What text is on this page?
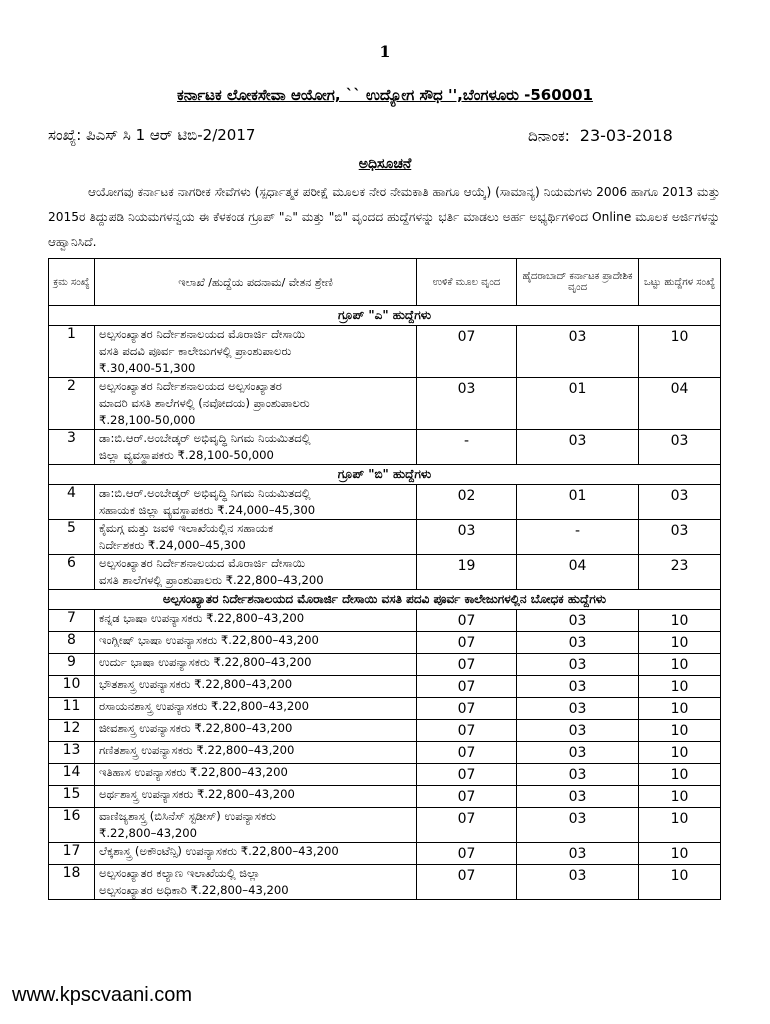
1
ಕರ್ನಾಟಕ ಲೋಕಸೇವಾ ಆಯೋಗ, `` ಉದ್ಯೋಗ ಸೌಧ '',ಬೆಂಗಳೂರು -560001
ಸಂಖ್ಯೆ: ಪಿಎಸ್ ಸಿ 1 ಆರ್ ಟಿಬಿ-2/2017	ದಿನಾಂಕ: 23-03-2018
ಅಧಿಸೂಚನೆ
ಆಯೋಗವು ಕರ್ನಾಟಕ ನಾಗರೀಕ ಸೇವೆಗಳು (ಸ್ಪರ್ಧಾತ್ಮಕ ಪರೀಕ್ಷೆ ಮೂಲಕ ನೇರ ನೇಮಕಾತಿ ಹಾಗೂ ಆಯ್ಕೆ) (ಸಾಮಾನ್ಯ) ನಿಯಮಗಳು 2006 ಹಾಗೂ 2013 ಮತ್ತು 2015ರ ತಿದ್ದುಪಡಿ ನಿಯಮಗಳನ್ವಯ ಈ ಕೆಳಕಂಡ ಗ್ರೂಪ್ "ಎ" ಮತ್ತು "ಬಿ" ವೃಂದದ ಹುದ್ದೆಗಳನ್ನು ಭರ್ತಿ ಮಾಡಲು ಅರ್ಹ ಅಭ್ಯರ್ಥಿಗಳಿಂದ Online ಮೂಲಕ ಅರ್ಜಿಗಳನ್ನು ಆಹ್ವಾನಿಸಿದೆ.
ಕ್ರಮ ಸಂಖ್ಯೆ	ಇಲಾಖೆ /ಹುದ್ದೆಯ ಪದನಾಮ/ ವೇತನ ಶ್ರೇಣಿ	ಉಳಿಕೆ ಮೂಲ ವೃಂದ	ಹೈದರಾಬಾದ್ ಕರ್ನಾಟಕ ಪ್ರಾದೇಶಿಕ ವೃಂದ	ಒಟ್ಟು ಹುದ್ದೆಗಳ ಸಂಖ್ಯೆ
ಗ್ರೂಪ್ "ಎ" ಹುದ್ದೆಗಳು				
1	ಅಲ್ಪಸಂಖ್ಯಾತರ ನಿರ್ದೇಶನಾಲಯದ ಮೊರಾರ್ಜಿ ದೇಸಾಯಿ
ವಸತಿ ಪದವಿ ಪೂರ್ವ ಕಾಲೇಜುಗಳಲ್ಲಿ ಪ್ರಾಂಶುಪಾಲರು
₹.30,400-51,300	07	03	10
2	ಅಲ್ಪಸಂಖ್ಯಾತರ ನಿರ್ದೇಶನಾಲಯದ ಅಲ್ಪಸಂಖ್ಯಾತರ
ಮಾದರಿ ವಸತಿ ಶಾಲೆಗಳಲ್ಲಿ (ನವೋದಯ) ಪ್ರಾಂಶುಪಾಲರು
₹.28,100-50,000	03	01	04
3	ಡಾ:ಬಿ.ಆರ್.ಅಂಬೇಡ್ಕರ್ ಅಭಿವೃದ್ಧಿ ನಿಗಮ ನಿಯಮಿತದಲ್ಲಿ
ಜಿಲ್ಲಾ ವ್ಯವಸ್ಥಾಪಕರು ₹.28,100-50,000	-	03	03
ಗ್ರೂಪ್ "ಬಿ" ಹುದ್ದೆಗಳು				
4	ಡಾ:ಬಿ.ಆರ್.ಅಂಬೇಡ್ಕರ್ ಅಭಿವೃದ್ಧಿ ನಿಗಮ ನಿಯಮಿತದಲ್ಲಿ
ಸಹಾಯಕ ಜಿಲ್ಲಾ ವ್ಯವಸ್ಥಾಪಕರು ₹.24,000–45,300	02	01	03
5	ಕೈಮಗ್ಗ ಮತ್ತು ಜವಳಿ ಇಲಾಖೆಯಲ್ಲಿನ ಸಹಾಯಕ
ನಿರ್ದೇಶಕರು ₹.24,000–45,300	03	-	03
6	ಅಲ್ಪಸಂಖ್ಯಾತರ ನಿರ್ದೇಶನಾಲಯದ ಮೊರಾರ್ಜಿ ದೇಸಾಯಿ
ವಸತಿ ಶಾಲೆಗಳಲ್ಲಿ ಪ್ರಾಂಶುಪಾಲರು ₹.22,800–43,200	19	04	23
ಅಲ್ಪಸಂಖ್ಯಾತರ ನಿರ್ದೇಶನಾಲಯದ ಮೊರಾರ್ಜಿ ದೇಸಾಯಿ ವಸತಿ ಪದವಿ ಪೂರ್ವ ಕಾಲೇಜುಗಳಲ್ಲಿನ ಬೋಧಕ ಹುದ್ದೆಗಳು				
7	ಕನ್ನಡ ಭಾಷಾ ಉಪನ್ಯಾಸಕರು ₹.22,800–43,200	07	03	10
8	ಇಂಗ್ಲೀಷ್ ಭಾಷಾ ಉಪನ್ಯಾಸಕರು ₹.22,800–43,200	07	03	10
9	ಉರ್ದು ಭಾಷಾ ಉಪನ್ಯಾಸಕರು ₹.22,800–43,200	07	03	10
10	ಭೌತಶಾಸ್ತ್ರ ಉಪನ್ಯಾಸಕರು ₹.22,800–43,200	07	03	10
11	ರಸಾಯನಶಾಸ್ತ್ರ ಉಪನ್ಯಾಸಕರು ₹.22,800–43,200	07	03	10
12	ಜೀವಶಾಸ್ತ್ರ ಉಪನ್ಯಾಸಕರು ₹.22,800–43,200	07	03	10
13	ಗಣಿತಶಾಸ್ತ್ರ ಉಪನ್ಯಾಸಕರು ₹.22,800–43,200	07	03	10
14	ಇತಿಹಾಸ ಉಪನ್ಯಾಸಕರು ₹.22,800–43,200	07	03	10
15	ಅರ್ಥಶಾಸ್ತ್ರ ಉಪನ್ಯಾಸಕರು ₹.22,800–43,200	07	03	10
16	ವಾಣಿಜ್ಯಶಾಸ್ತ್ರ (ಬಿಸಿನೆಸ್ ಸ್ಟಡೀಸ್) ಉಪನ್ಯಾಸಕರು
₹.22,800–43,200	07	03	10
17	ಲೆಕ್ಕಶಾಸ್ತ್ರ (ಅಕೌಂಟೆನ್ಸಿ) ಉಪನ್ಯಾಸಕರು ₹.22,800–43,200	07	03	10
18	ಅಲ್ಪಸಂಖ್ಯಾತರ ಕಲ್ಯಾಣ ಇಲಾಖೆಯಲ್ಲಿ ಜಿಲ್ಲಾ
ಅಲ್ಪಸಂಖ್ಯಾತರ ಅಧಿಕಾರಿ ₹.22,800–43,200	07	03	10
www.kpscvaani.com
